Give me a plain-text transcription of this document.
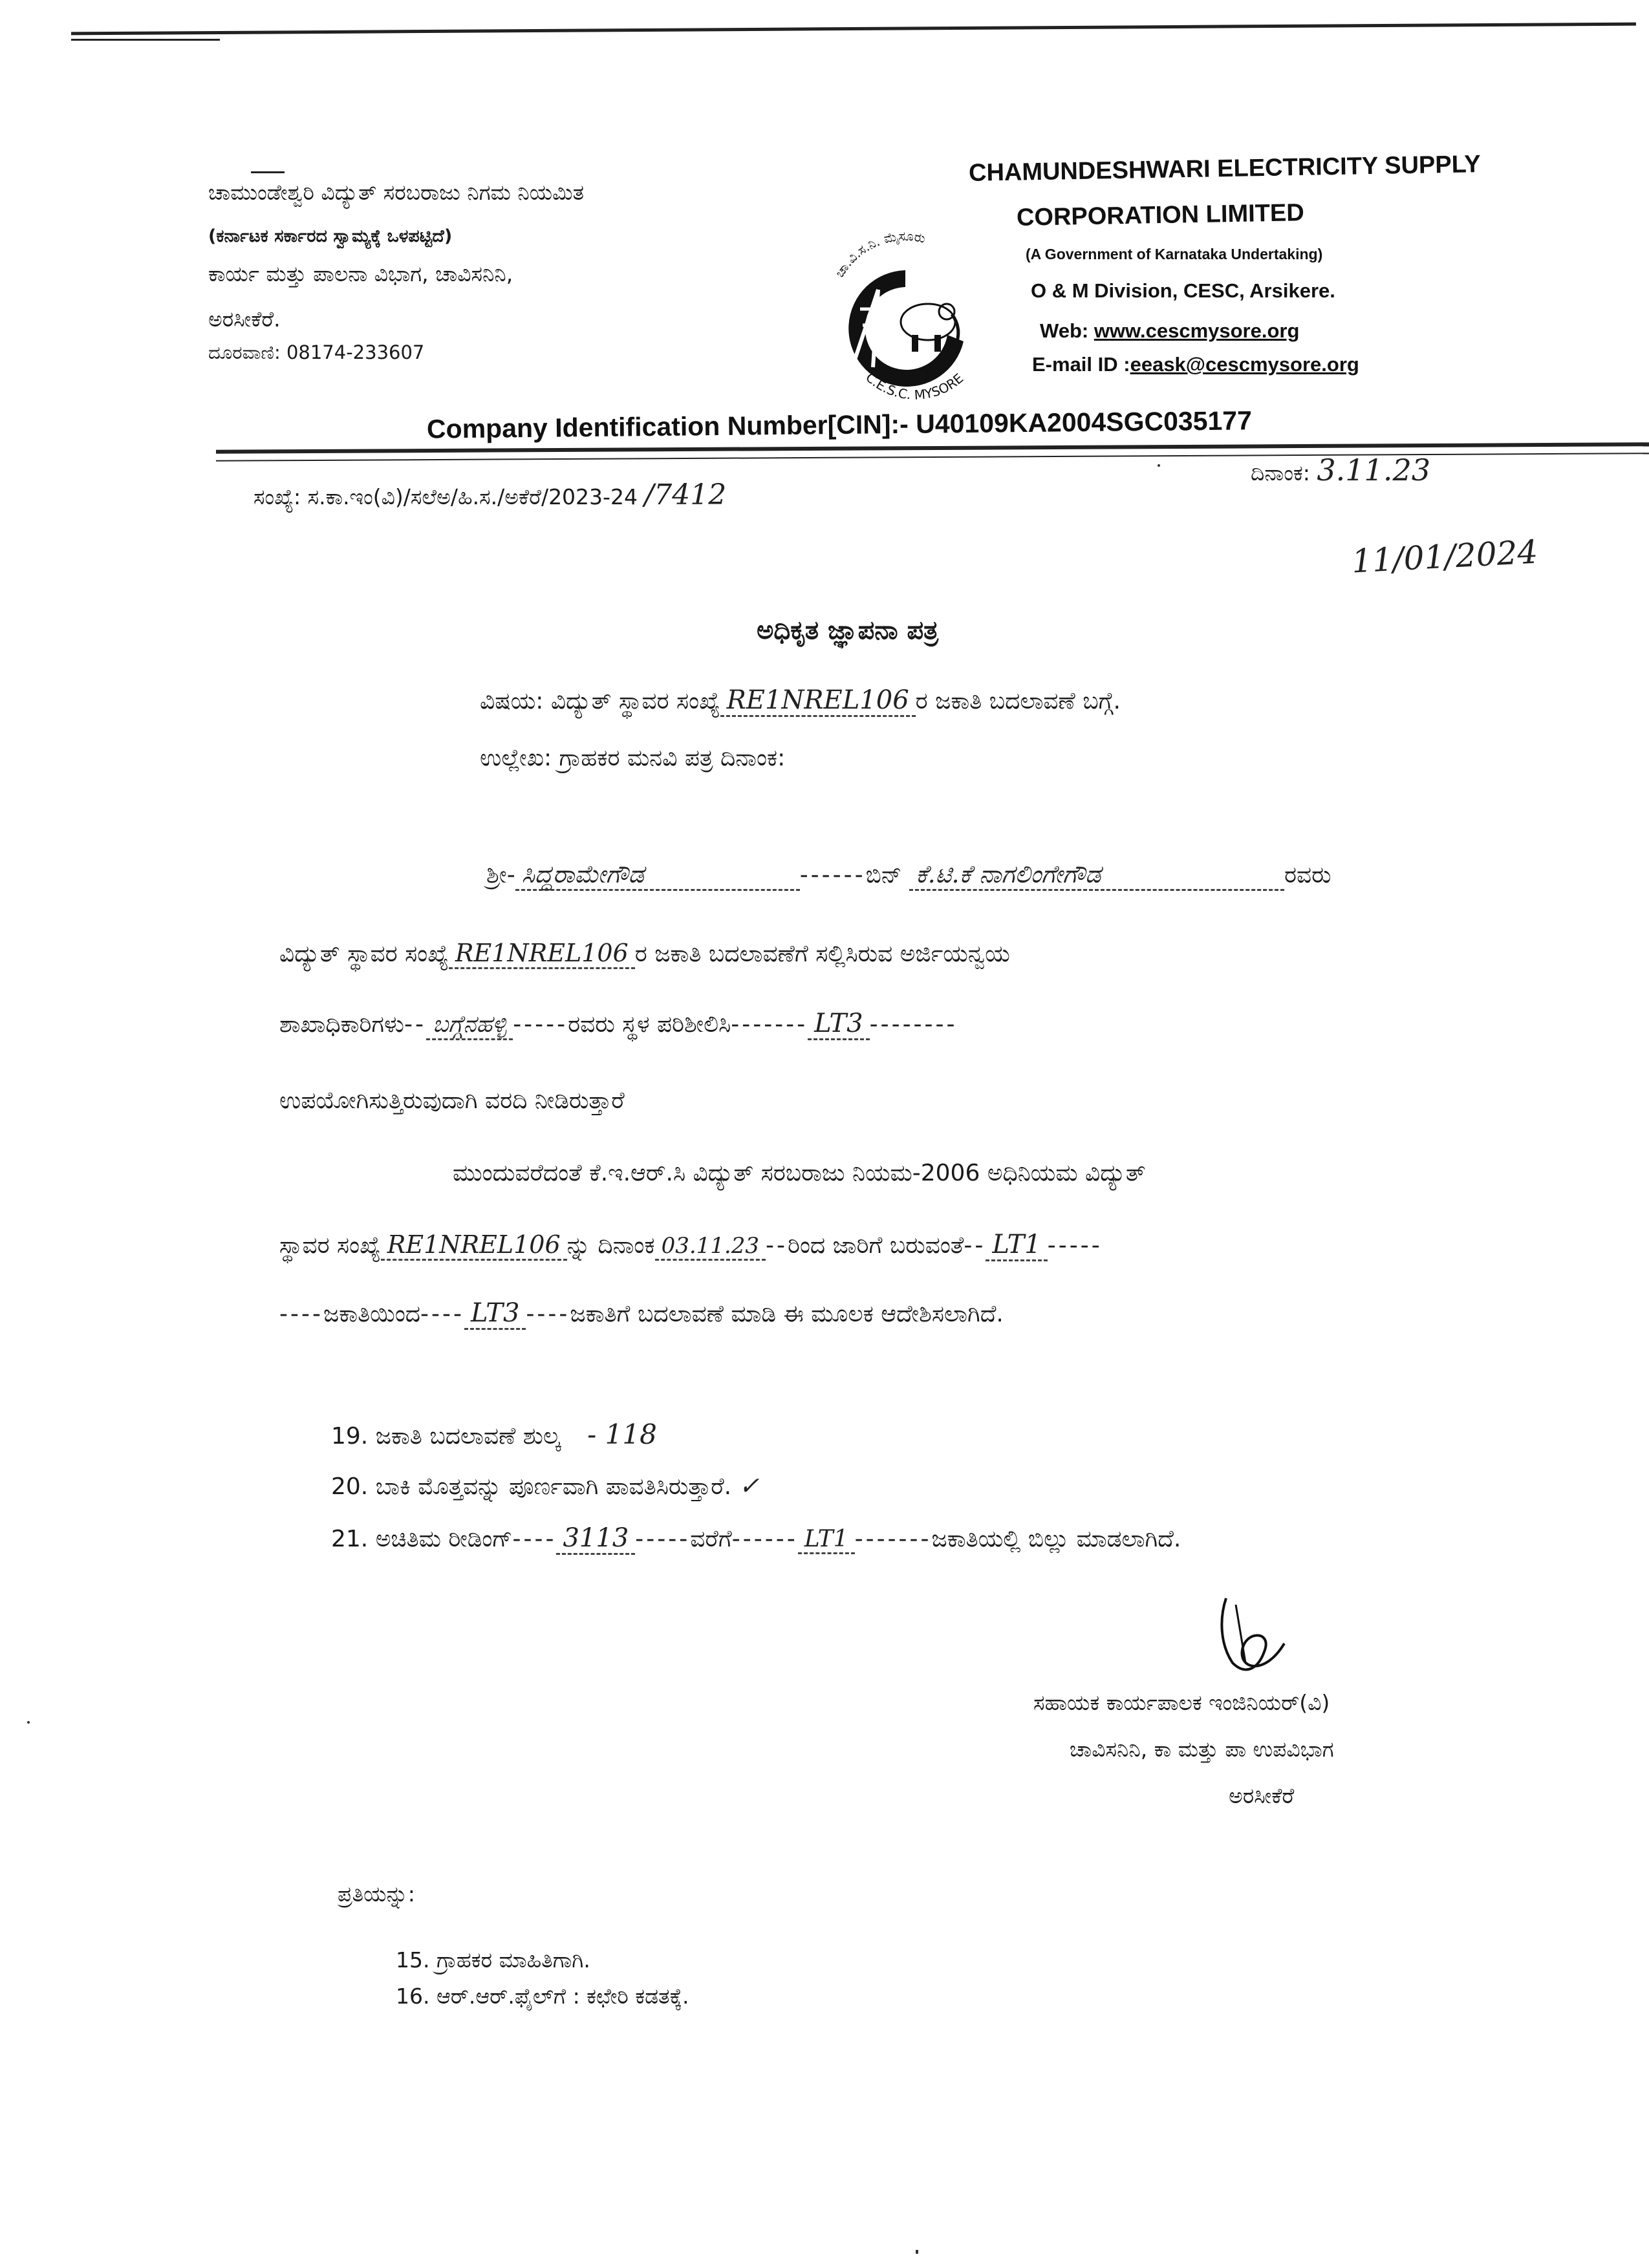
ಚಾಮುಂಡೇಶ್ವರಿ ವಿದ್ಯುತ್ ಸರಬರಾಜು ನಿಗಮ ನಿಯಮಿತ
(ಕರ್ನಾಟಕ ಸರ್ಕಾರದ ಸ್ವಾಮ್ಯಕ್ಕೆ ಒಳಪಟ್ಟಿದೆ)
ಕಾರ್ಯ ಮತ್ತು ಪಾಲನಾ ವಿಭಾಗ, ಚಾವಿಸನಿನಿ,
ಅರಸೀಕೆರೆ.
ದೂರವಾಣಿ: 08174-233607
ಚಾ.ವಿ.ಸ.ನಿ. ಮೈಸೂರು
C.E.S.C. MYSORE
CHAMUNDESHWARI ELECTRICITY SUPPLY
CORPORATION LIMITED
(A Government of Karnataka Undertaking)
O & M Division, CESC, Arsikere.
Web: www.cescmysore.org
E-mail ID :eeask@cescmysore.org
Company Identification Number[CIN]:- U40109KA2004SGC035177
ಸಂಖ್ಯೆ: ಸ.ಕಾ.ಇಂ(ವಿ)/ಸಲೆಅ/ಹಿ.ಸ./ಅಕೆರೆ/2023-24 /7412
ದಿನಾಂಕ: 3.11.23
11/01/2024
ಅಧಿಕೃತ ಜ್ಞಾಪನಾ ಪತ್ರ
ವಿಷಯ: ವಿದ್ಯುತ್ ಸ್ಥಾವರ ಸಂಖ್ಯೆ RE1NREL106 ರ ಜಕಾತಿ ಬದಲಾವಣೆ ಬಗ್ಗೆ.
ಉಲ್ಲೇಖ: ಗ್ರಾಹಕರ ಮನವಿ ಪತ್ರ ದಿನಾಂಕ:
ಶ್ರೀ- ಸಿದ್ದರಾಮೇಗೌಡ	------ಬಿನ್ ಕೆ.ಟಿ.ಕೆ ನಾಗಲಿಂಗೇಗೌಡ	ರವರು
ವಿದ್ಯುತ್ ಸ್ಥಾವರ ಸಂಖ್ಯೆ RE1NREL106 ರ ಜಕಾತಿ ಬದಲಾವಣೆಗೆ ಸಲ್ಲಿಸಿರುವ ಅರ್ಜಿಯನ್ವಯ
ಶಾಖಾಧಿಕಾರಿಗಳು-- ಬಗ್ಗೆನಹಳ್ಳಿ -----ರವರು ಸ್ಥಳ ಪರಿಶೀಲಿಸಿ------- LT3 --------
ಉಪಯೋಗಿಸುತ್ತಿರುವುದಾಗಿ ವರದಿ ನೀಡಿರುತ್ತಾರೆ
ಮುಂದುವರೆದಂತೆ ಕೆ.ಇ.ಆರ್.ಸಿ ವಿದ್ಯುತ್ ಸರಬರಾಜು ನಿಯಮ-2006 ಅಧಿನಿಯಮ ವಿದ್ಯುತ್
ಸ್ಥಾವರ ಸಂಖ್ಯೆ RE1NREL106 ನ್ನು ದಿನಾಂಕ 03.11.23 --ರಿಂದ ಜಾರಿಗೆ ಬರುವಂತೆ-- LT1 -----
----ಜಕಾತಿಯಿಂದ---- LT3 ----ಜಕಾತಿಗೆ ಬದಲಾವಣೆ ಮಾಡಿ ಈ ಮೂಲಕ ಆದೇಶಿಸಲಾಗಿದೆ.
19. ಜಕಾತಿ ಬದಲಾವಣೆ ಶುಲ್ಕ - 118
20. ಬಾಕಿ ಮೊತ್ತವನ್ನು ಪೂರ್ಣವಾಗಿ ಪಾವತಿಸಿರುತ್ತಾರೆ. ✓
21. ಅಚಿತಿಮ ರೀಡಿಂಗ್---- 3113 -----ವರೆಗೆ------ LT1 -------ಜಕಾತಿಯಲ್ಲಿ ಬಿಲ್ಲು ಮಾಡಲಾಗಿದೆ.
ಸಹಾಯಕ ಕಾರ್ಯಪಾಲಕ ಇಂಜಿನಿಯರ್(ವಿ)
ಚಾವಿಸನಿನಿ, ಕಾ ಮತ್ತು ಪಾ ಉಪವಿಭಾಗ
ಅರಸೀಕೆರೆ
ಪ್ರತಿಯನ್ನು:
15. ಗ್ರಾಹಕರ ಮಾಹಿತಿಗಾಗಿ.
16. ಆರ್.ಆರ್.ಫೈಲ್‌ಗೆ : ಕಛೇರಿ ಕಡತಕ್ಕೆ.
